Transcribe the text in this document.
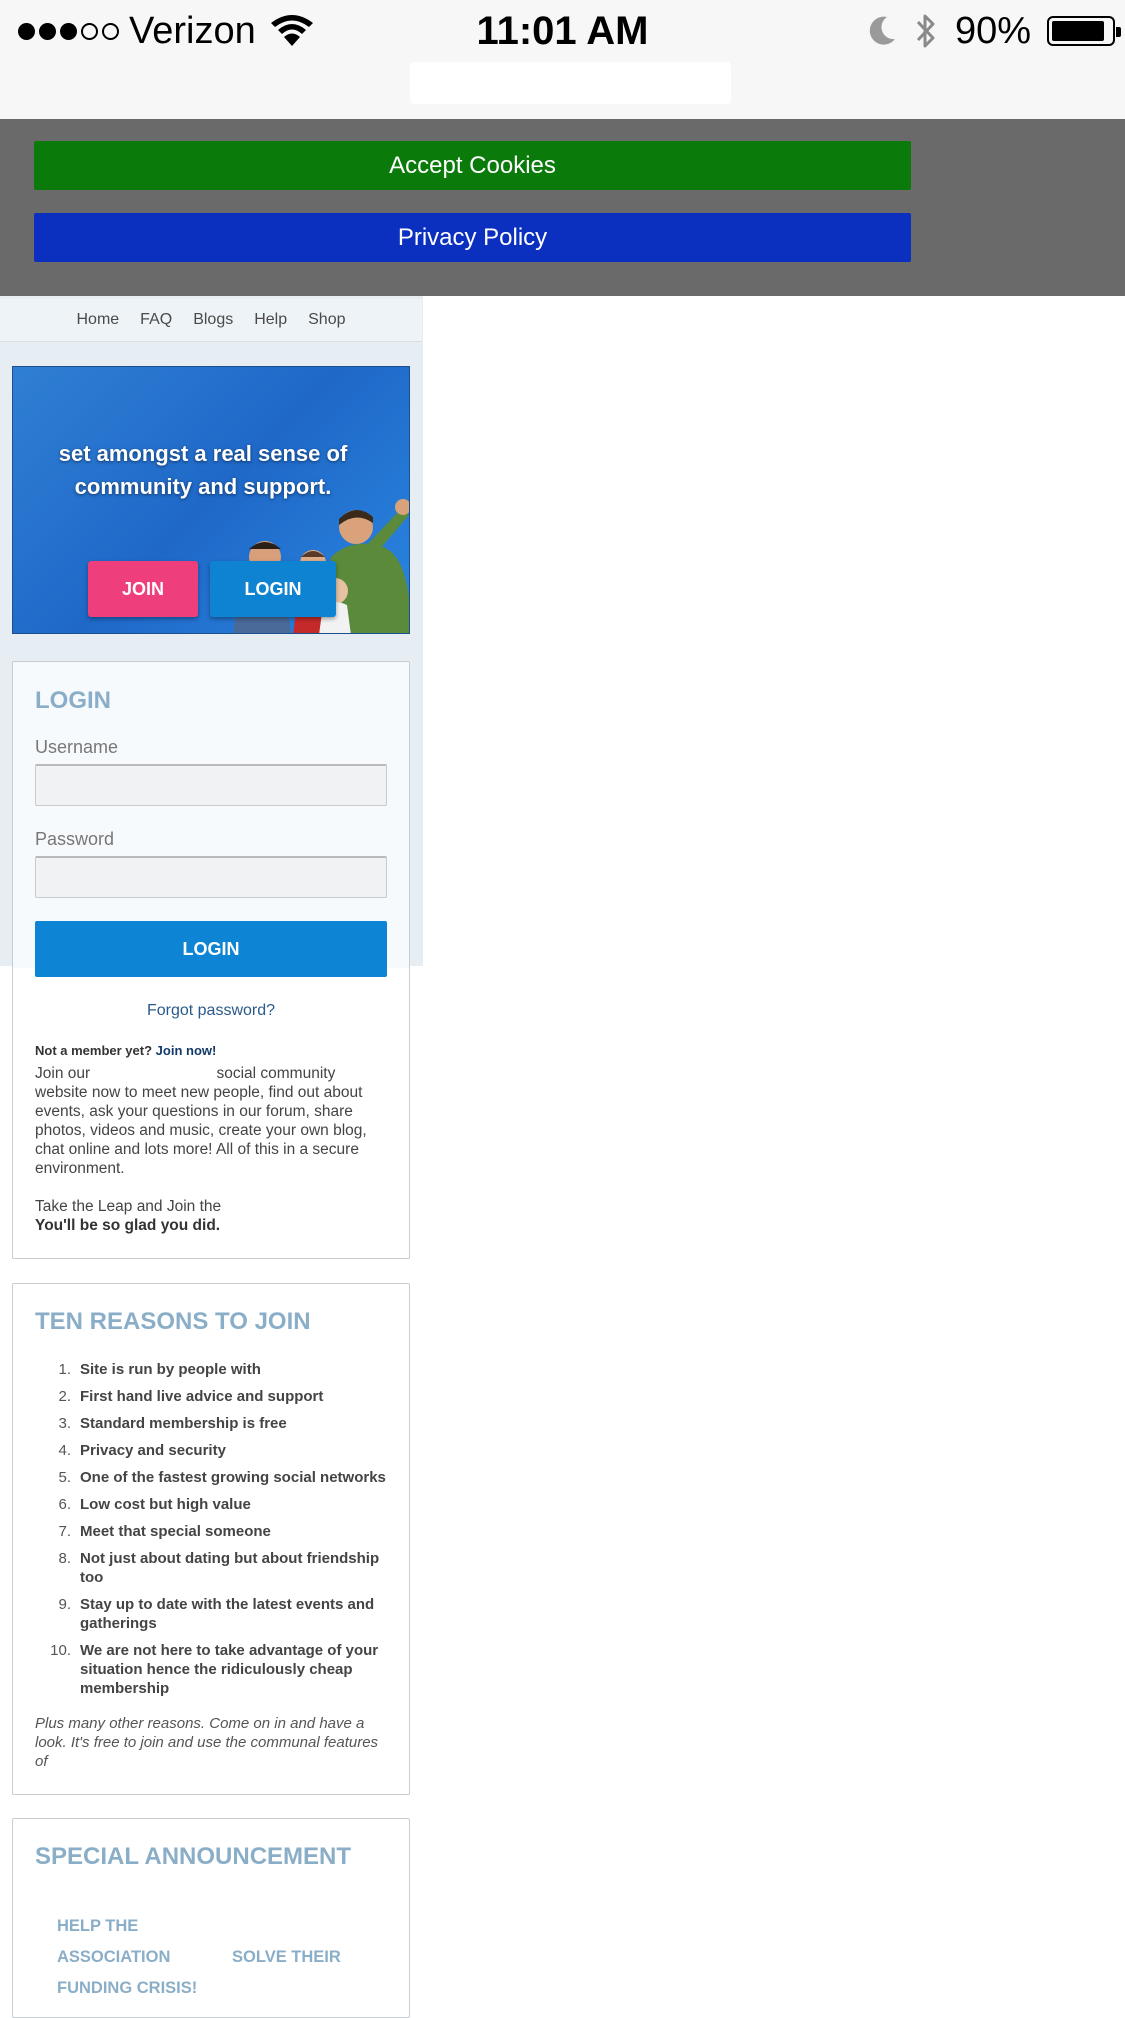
Verizon	11:01 AM	90%
Accept Cookies
Privacy Policy
Home FAQ Blogs Help Shop
set amongst a real sense of community and support.
JOIN	LOGIN
LOGIN
Username
Password
LOGIN
Forgot password?
Not a member yet? Join now!
Join our	social community website now to meet new people, find out about events, ask your questions in our forum, share photos, videos and music, create your own blog, chat online and lots more! All of this in a secure environment.
Take the Leap and Join the
You'll be so glad you did.
TEN REASONS TO JOIN
1. Site is run by people with
2. First hand live advice and support
3. Standard membership is free
4. Privacy and security
5. One of the fastest growing social networks
6. Low cost but high value
7. Meet that special someone
8. Not just about dating but about friendship too
9. Stay up to date with the latest events and gatherings
10. We are not here to take advantage of your situation hence the ridiculously cheap membership
Plus many other reasons. Come on in and have a look. It's free to join and use the communal features of
SPECIAL ANNOUNCEMENT
HELP THE
ASSOCIATION
FUNDING CRISIS!
SOLVE THEIR
